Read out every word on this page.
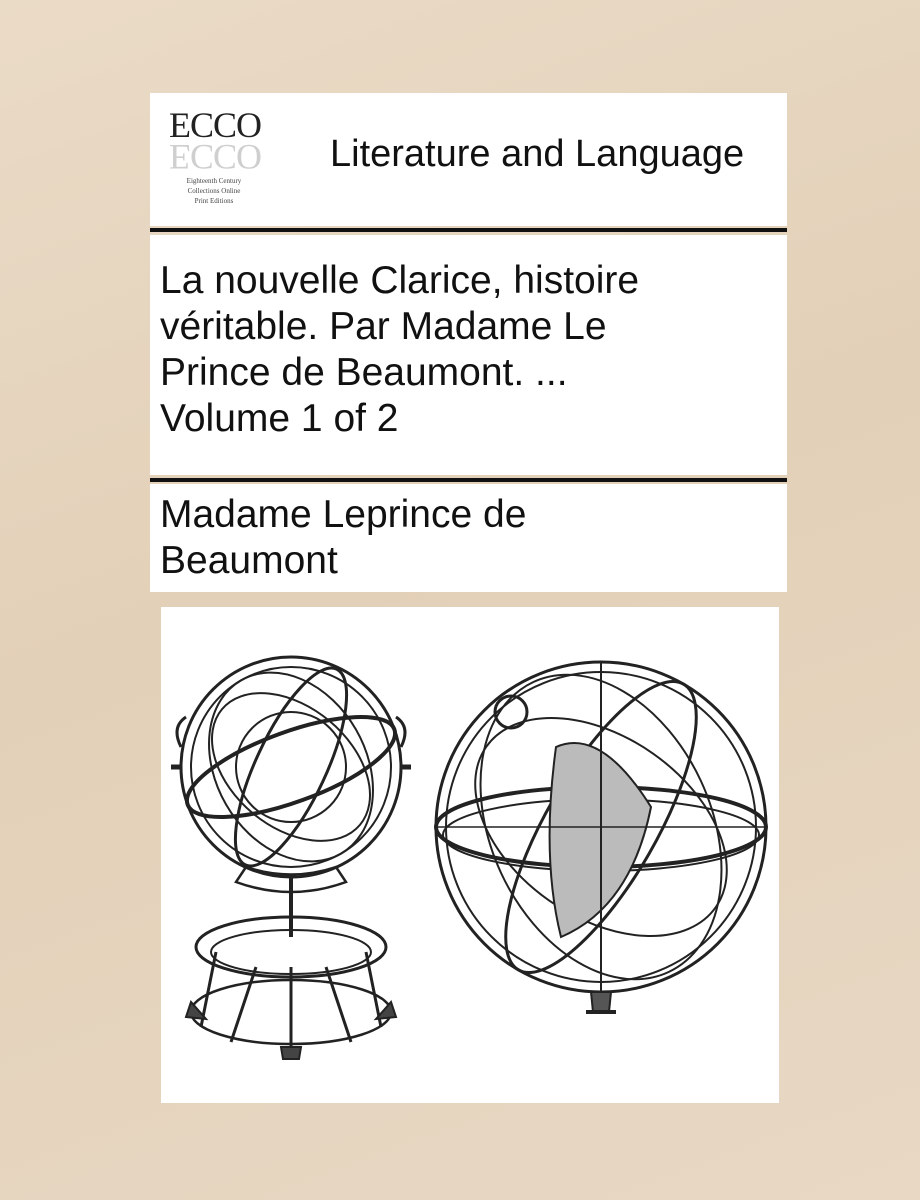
ECCO
ECCO
Eighteenth Century
Collections Online
Print Editions
Literature and Language
La nouvelle Clarice, histoire
véritable. Par Madame Le
Prince de Beaumont. ...
Volume 1 of 2
Madame Leprince de
Beaumont
